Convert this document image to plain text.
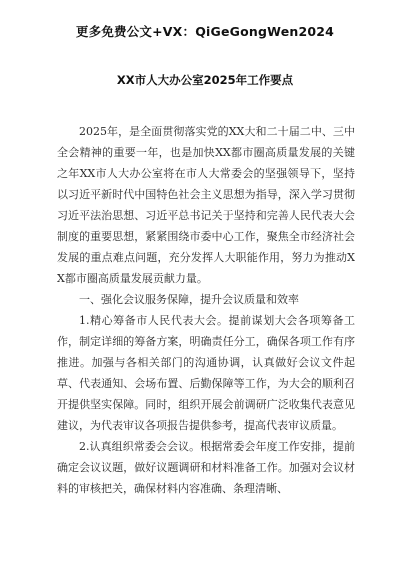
更多免费公文+VX：QiGeGongWen2024
XX市人大办公室2025年工作要点

2025年，是全面贯彻落实党的XX大和二十届二中、三中全会精神的重要一年，也是加快XX都市圈高质量发展的关键之年XX市人大办公室将在市人大常委会的坚强领导下，坚持以习近平新时代中国特色社会主义思想为指导，深入学习贯彻习近平法治思想、习近平总书记关于坚持和完善人民代表大会制度的重要思想，紧紧围绕市委中心工作，聚焦全市经济社会发展的重点难点问题，充分发挥人大职能作用，努力为推动XX都市圈高质量发展贡献力量。

一、强化会议服务保障，提升会议质量和效率

1.精心筹备市人民代表大会。提前谋划大会各项筹备工作，制定详细的筹备方案，明确责任分工，确保各项工作有序推进。加强与各相关部门的沟通协调，认真做好会议文件起草、代表通知、会场布置、后勤保障等工作，为大会的顺利召开提供坚实保障。同时，组织开展会前调研广泛收集代表意见建议，为代表审议各项报告提供参考，提高代表审议质量。

2.认真组织常委会会议。根据常委会年度工作安排，提前确定会议议题，做好议题调研和材料准备工作。加强对会议材料的审核把关，确保材料内容准确、条理清晰、
